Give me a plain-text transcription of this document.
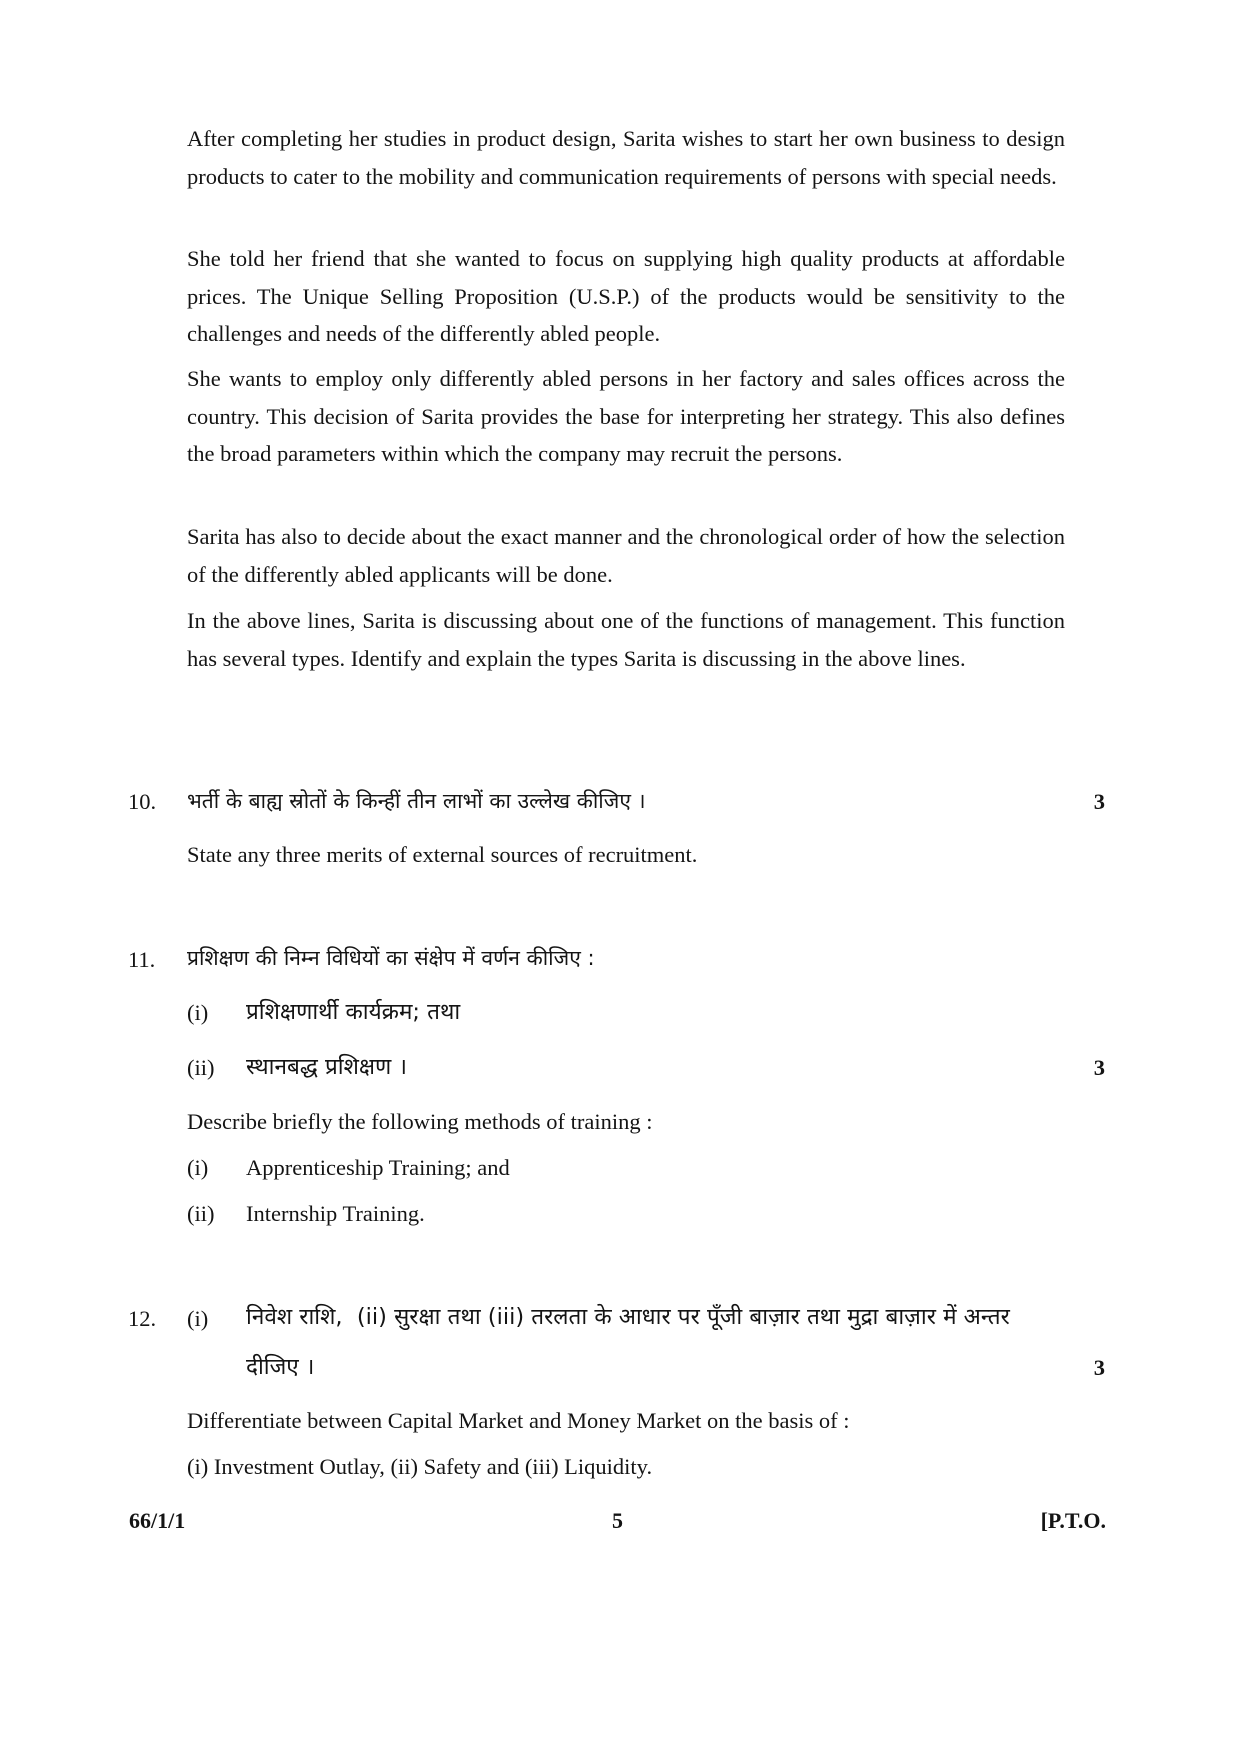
After completing her studies in product design, Sarita wishes to start her own business to design products to cater to the mobility and communication requirements of persons with special needs.

She told her friend that she wanted to focus on supplying high quality products at affordable prices. The Unique Selling Proposition (U.S.P.) of the products would be sensitivity to the challenges and needs of the differently abled people.

She wants to employ only differently abled persons in her factory and sales offices across the country. This decision of Sarita provides the base for interpreting her strategy. This also defines the broad parameters within which the company may recruit the persons.

Sarita has also to decide about the exact manner and the chronological order of how the selection of the differently abled applicants will be done.

In the above lines, Sarita is discussing about one of the functions of management. This function has several types. Identify and explain the types Sarita is discussing in the above lines.

10. भर्ती के बाह्य स्रोतों के किन्हीं तीन लाभों का उल्लेख कीजिए ।	3
State any three merits of external sources of recruitment.
11. प्रशिक्षण की निम्न विधियों का संक्षेप में वर्णन कीजिए :
(i) प्रशिक्षणार्थी कार्यक्रम; तथा
(ii) स्थानबद्ध प्रशिक्षण ।	3
Describe briefly the following methods of training :
(i) Apprenticeship Training; and
(ii) Internship Training.
12. (i) निवेश राशि,  (ii) सुरक्षा तथा (iii) तरलता के आधार पर पूँजी बाज़ार तथा मुद्रा बाज़ार में अन्तर
दीजिए ।	3
Differentiate between Capital Market and Money Market on the basis of :
(i) Investment Outlay, (ii) Safety and (iii) Liquidity.
66/1/1	5	[P.T.O.
